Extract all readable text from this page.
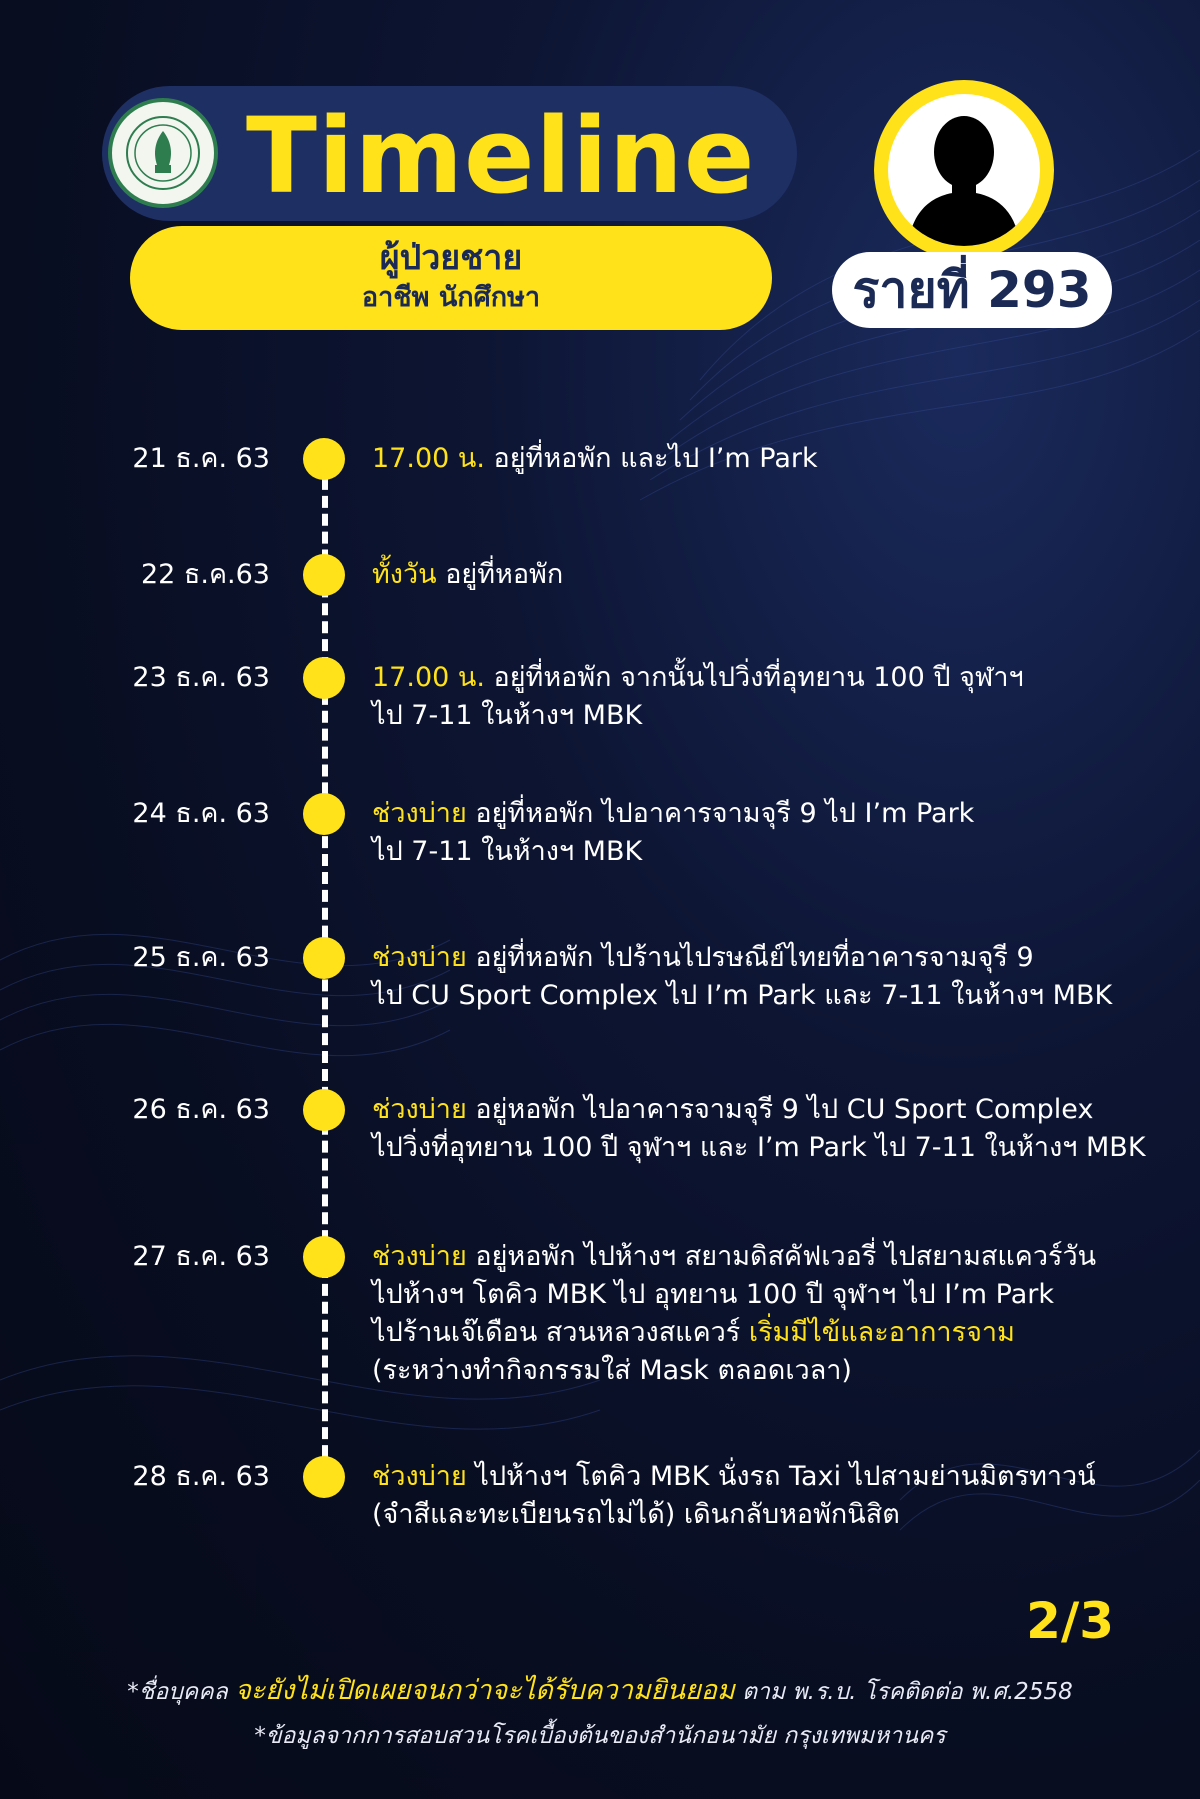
Timeline
ผู้ป่วยชาย
อาชีพ นักศึกษา	รายที่ 293
21 ธ.ค. 63	17.00 น. อยู่ที่หอพัก และไป I’m Park
22 ธ.ค.63	ทั้งวัน อยู่ที่หอพัก
23 ธ.ค. 63	17.00 น. อยู่ที่หอพัก จากนั้นไปวิ่งที่อุทยาน 100 ปี จุฬาฯ
ไป 7-11 ในห้างฯ MBK
24 ธ.ค. 63	ช่วงบ่าย อยู่ที่หอพัก ไปอาคารจามจุรี 9 ไป I’m Park
ไป 7-11 ในห้างฯ MBK
25 ธ.ค. 63	ช่วงบ่าย อยู่ที่หอพัก ไปร้านไปรษณีย์ไทยที่อาคารจามจุรี 9
ไป CU Sport Complex ไป I’m Park และ 7-11 ในห้างฯ MBK
26 ธ.ค. 63	ช่วงบ่าย อยู่หอพัก ไปอาคารจามจุรี 9 ไป CU Sport Complex
ไปวิ่งที่อุทยาน 100 ปี จุฬาฯ และ I’m Park ไป 7-11 ในห้างฯ MBK
27 ธ.ค. 63	ช่วงบ่าย อยู่หอพัก ไปห้างฯ สยามดิสคัฟเวอรี่ ไปสยามสแควร์วัน
ไปห้างฯ โตคิว MBK ไป อุทยาน 100 ปี จุฬาฯ ไป I’m Park
ไปร้านเจ๊เดือน สวนหลวงสแควร์ เริ่มมีไข้และอาการจาม
(ระหว่างทำกิจกรรมใส่ Mask ตลอดเวลา)
28 ธ.ค. 63	ช่วงบ่าย ไปห้างฯ โตคิว MBK นั่งรถ Taxi ไปสามย่านมิตรทาวน์
(จำสีและทะเบียนรถไม่ได้) เดินกลับหอพักนิสิต
2/3
*ชื่อบุคคล จะยังไม่เปิดเผยจนกว่าจะได้รับความยินยอม ตาม พ.ร.บ. โรคติดต่อ พ.ศ.2558
*ข้อมูลจากการสอบสวนโรคเบื้องต้นของสำนักอนามัย กรุงเทพมหานคร
